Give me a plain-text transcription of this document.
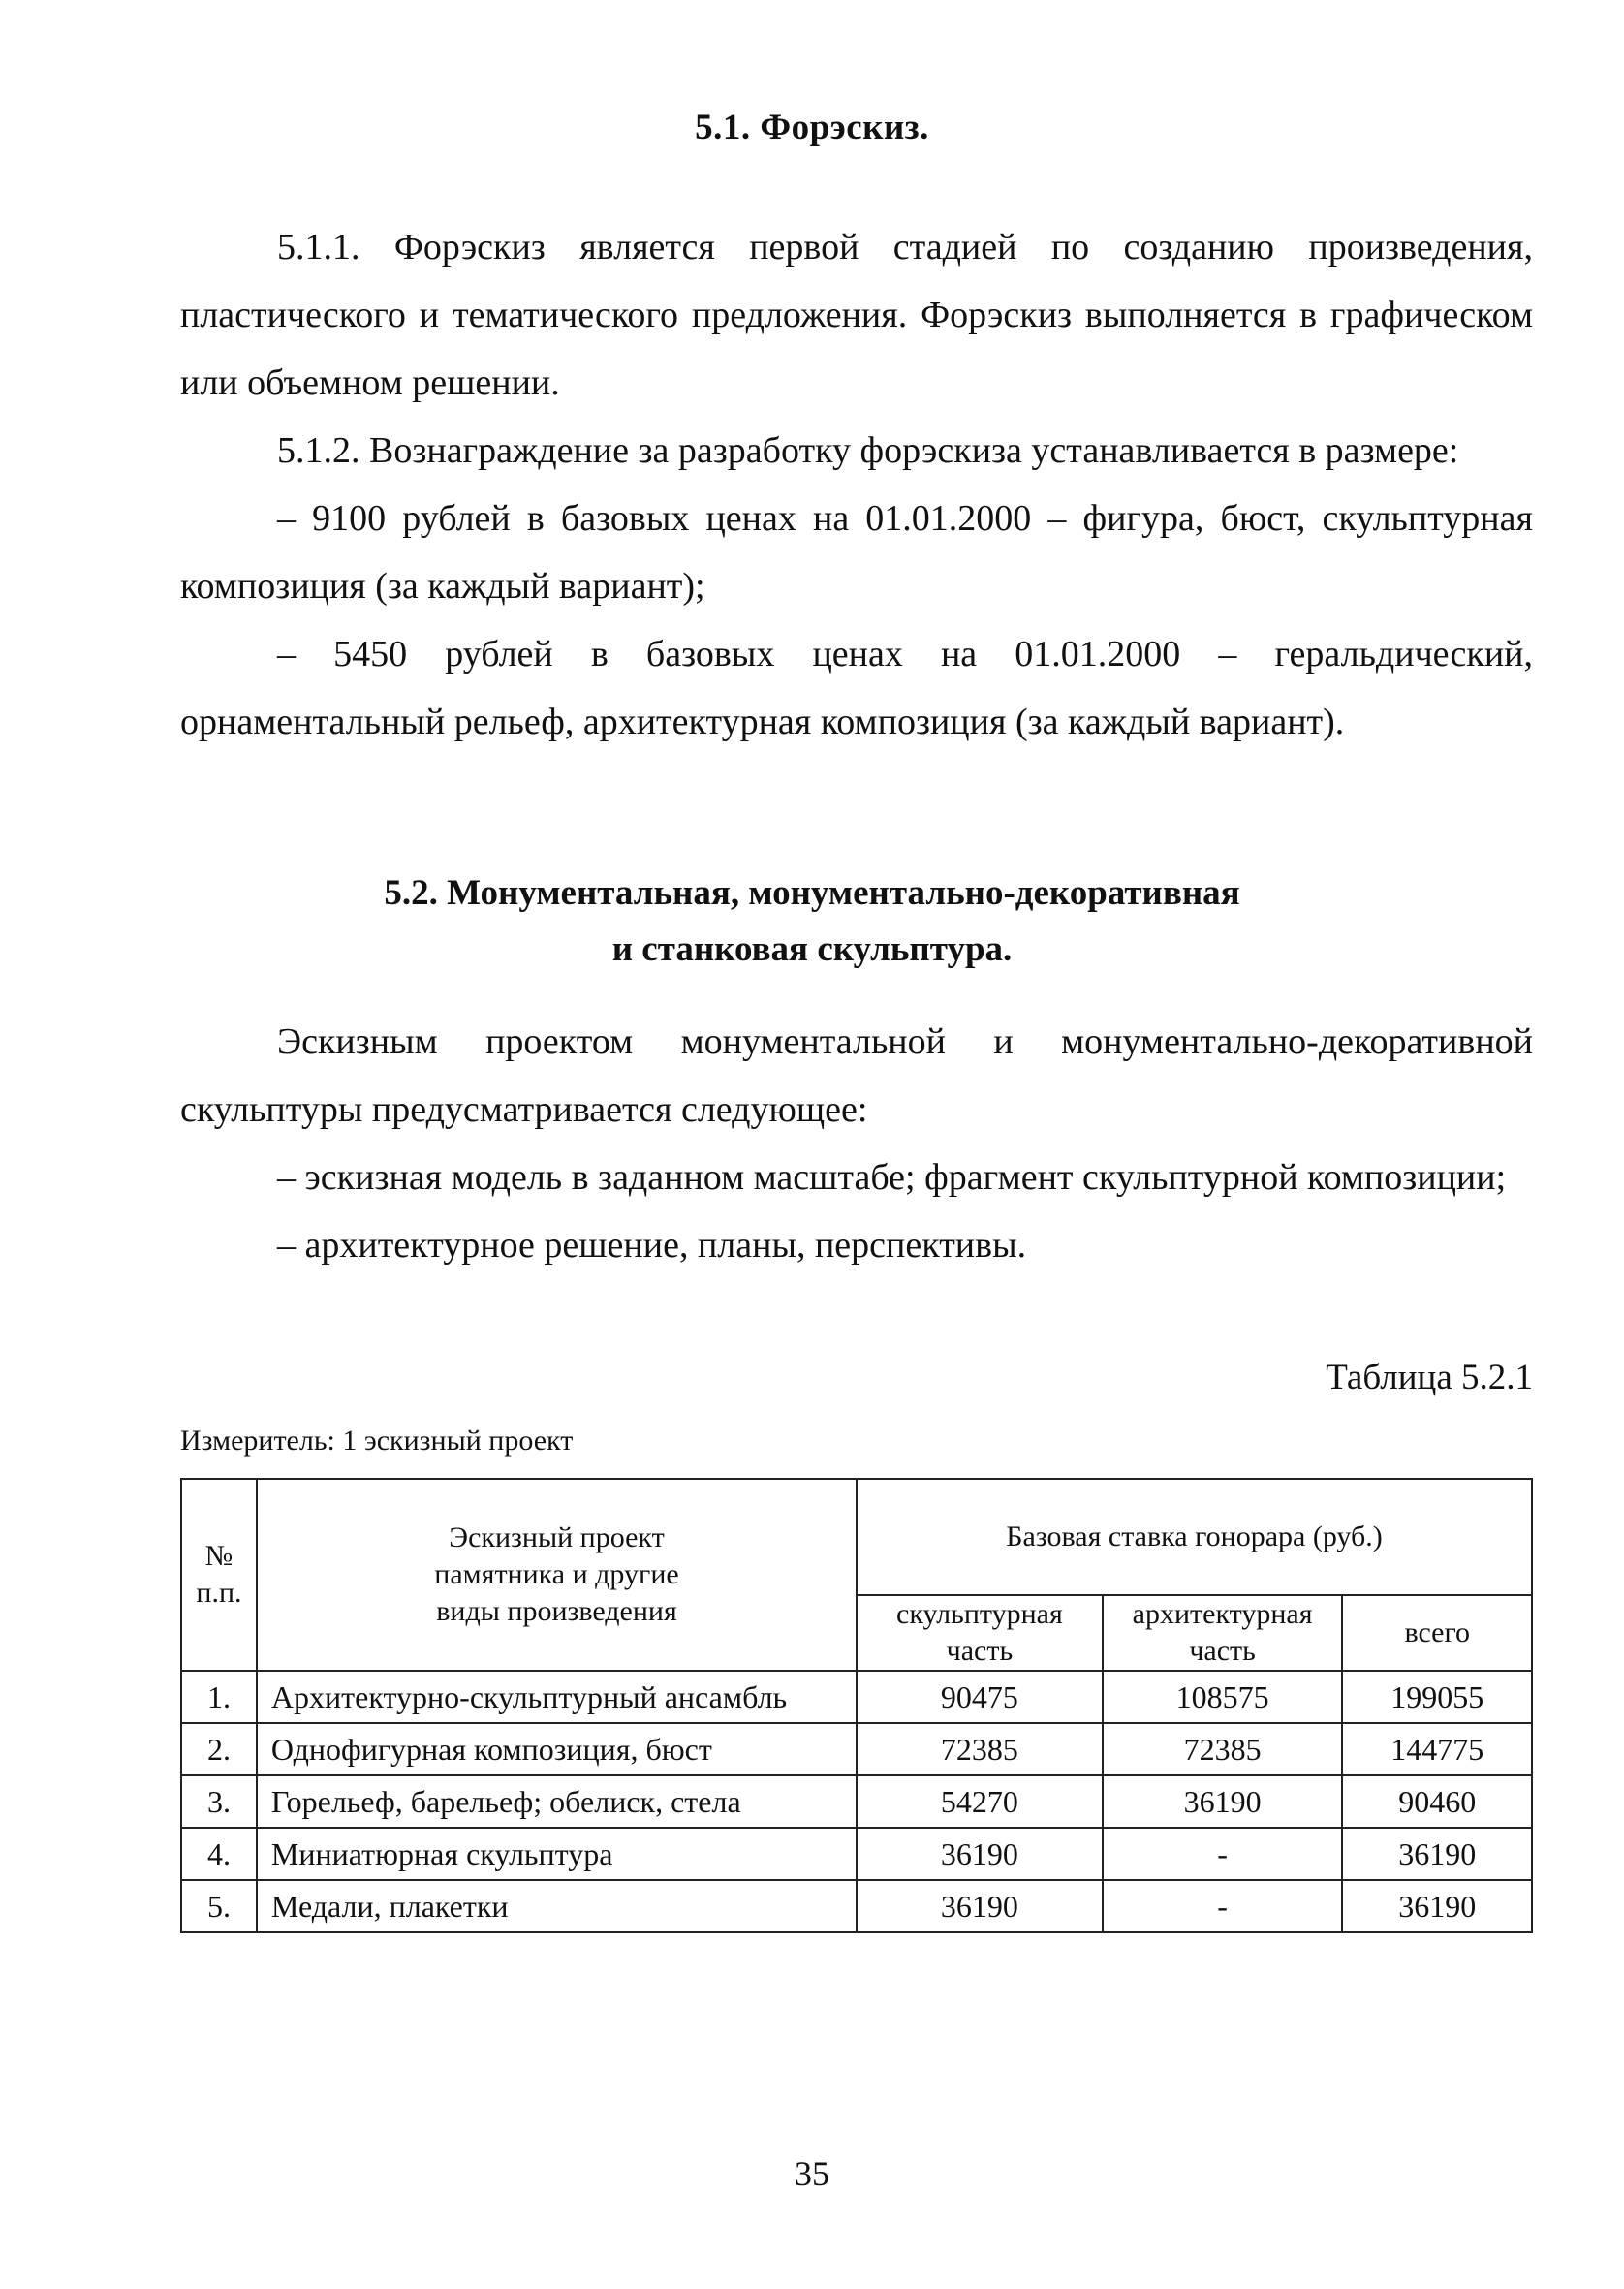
5.1. Форэскиз.

5.1.1. Форэскиз является первой стадией по созданию произведения, пластического и тематического предложения. Форэскиз выполняется в графическом или объемном решении.

5.1.2. Вознаграждение за разработку форэскиза устанавливается в размере:

– 9100 рублей в базовых ценах на 01.01.2000 – фигура, бюст, скульптурная композиция (за каждый вариант);

– 5450 рублей в базовых ценах на 01.01.2000 – геральдический, орнаментальный рельеф, архитектурная композиция (за каждый вариант).

5.2. Монументальная, монументально-декоративная
и станковая скульптура.

Эскизным проектом монументальной и монументально-декоративной скульптуры предусматривается следующее:

– эскизная модель в заданном масштабе; фрагмент скульптурной композиции;

– архитектурное решение, планы, перспективы.

Таблица 5.2.1
Измеритель: 1 эскизный проект
№ п.п.	Эскизный проект памятника и другие виды произведения	Базовая ставка гонорара (руб.)		
		скульптурная часть	архитектурная часть	всего
1.	Архитектурно-скульптурный ансамбль	90475	108575	199055
2.	Однофигурная композиция, бюст	72385	72385	144775
3.	Горельеф, барельеф; обелиск, стела	54270	36190	90460
4.	Миниатюрная скульптура	36190	-	36190
5.	Медали, плакетки	36190	-	36190
35
